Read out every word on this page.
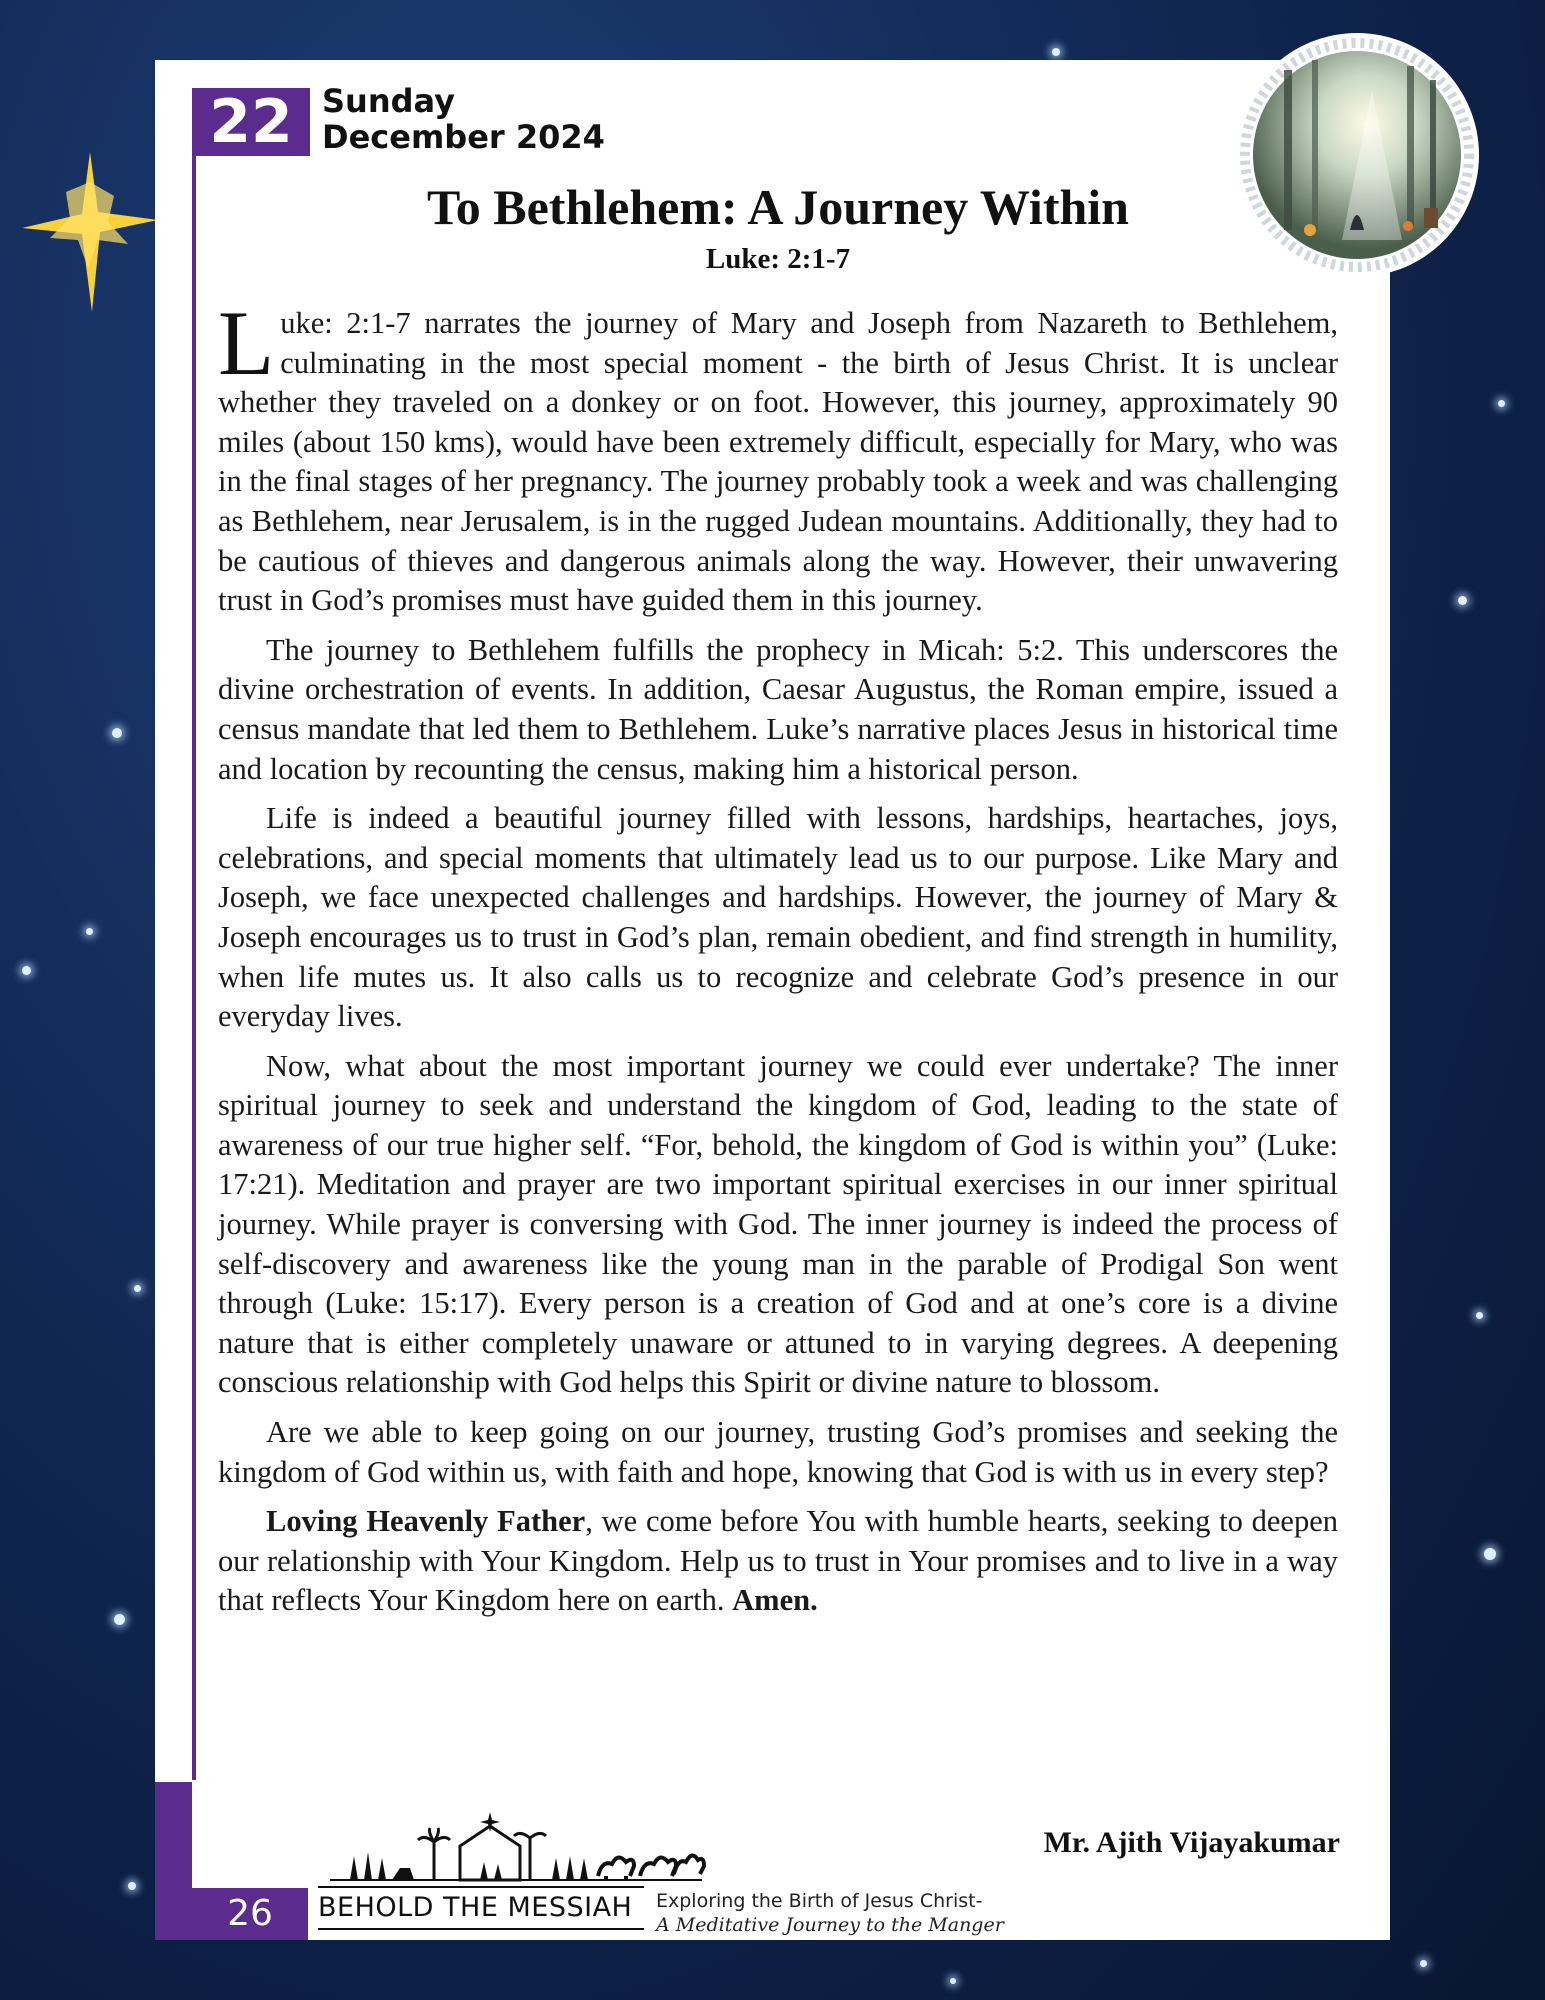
22 Sunday
December 2024
To Bethlehem: A Journey Within
Luke: 2:1-7

Luke: 2:1-7 narrates the journey of Mary and Joseph from Nazareth to Bethlehem, culminating in the most special moment - the birth of Jesus Christ. It is unclear whether they traveled on a donkey or on foot. However, this journey, approximately 90 miles (about 150 kms), would have been extremely difficult, especially for Mary, who was in the final stages of her pregnancy. The journey probably took a week and was challenging as Bethlehem, near Jerusalem, is in the rugged Judean mountains. Additionally, they had to be cautious of thieves and dangerous animals along the way. However, their unwavering trust in God’s promises must have guided them in this journey.

The journey to Bethlehem fulfills the prophecy in Micah: 5:2. This underscores the divine orchestration of events. In addition, Caesar Augustus, the Roman empire, issued a census mandate that led them to Bethlehem. Luke’s narrative places Jesus in historical time and location by recounting the census, making him a historical person.

Life is indeed a beautiful journey filled with lessons, hardships, heartaches, joys, celebrations, and special moments that ultimately lead us to our purpose. Like Mary and Joseph, we face unexpected challenges and hardships. However, the journey of Mary & Joseph encourages us to trust in God’s plan, remain obedient, and find strength in humility, when life mutes us. It also calls us to recognize and celebrate God’s presence in our everyday lives.

Now, what about the most important journey we could ever undertake? The inner spiritual journey to seek and understand the kingdom of God, leading to the state of awareness of our true higher self. “For, behold, the kingdom of God is within you” (Luke: 17:21). Meditation and prayer are two important spiritual exercises in our inner spiritual journey. While prayer is conversing with God. The inner journey is indeed the process of self-discovery and awareness like the young man in the parable of Prodigal Son went through (Luke: 15:17). Every person is a creation of God and at one’s core is a divine nature that is either completely unaware or attuned to in varying degrees. A deepening conscious relationship with God helps this Spirit or divine nature to blossom.

Are we able to keep going on our journey, trusting God’s promises and seeking the kingdom of God within us, with faith and hope, knowing that God is with us in every step?

Loving Heavenly Father, we come before You with humble hearts, seeking to deepen our relationship with Your Kingdom. Help us to trust in Your promises and to live in a way that reflects Your Kingdom here on earth. Amen.

Mr. Ajith Vijayakumar
26	BEHOLD THE MESSIAH Exploring the Birth of Jesus Christ-
A Meditative Journey to the Manger
